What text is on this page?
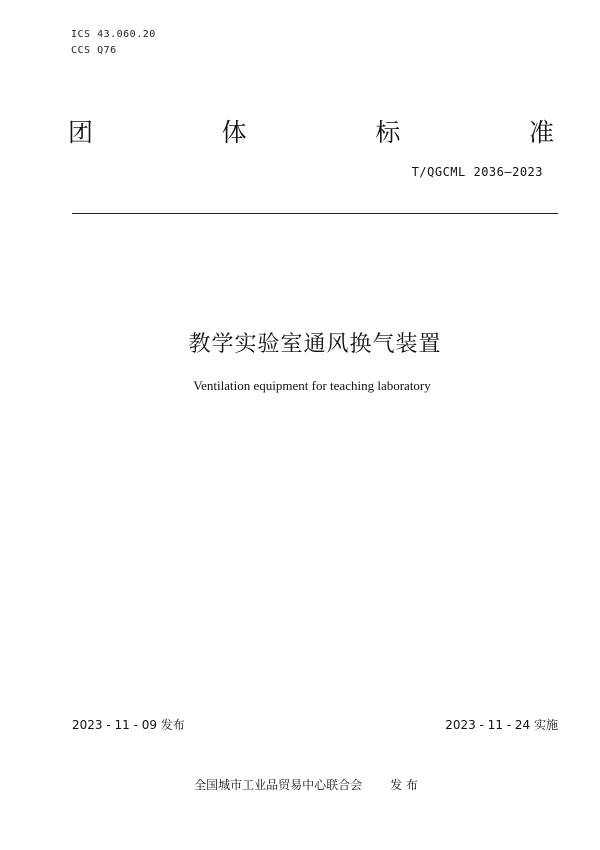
ICS 43.060.20
CCS Q76
团	体	标	准
T/QGCML 2036—2023
教学实验室通风换气装置
Ventilation equipment for teaching laboratory
2023 - 11 - 09 发布	2023 - 11 - 24 实施
全国城市工业品贸易中心联合会 发 布
